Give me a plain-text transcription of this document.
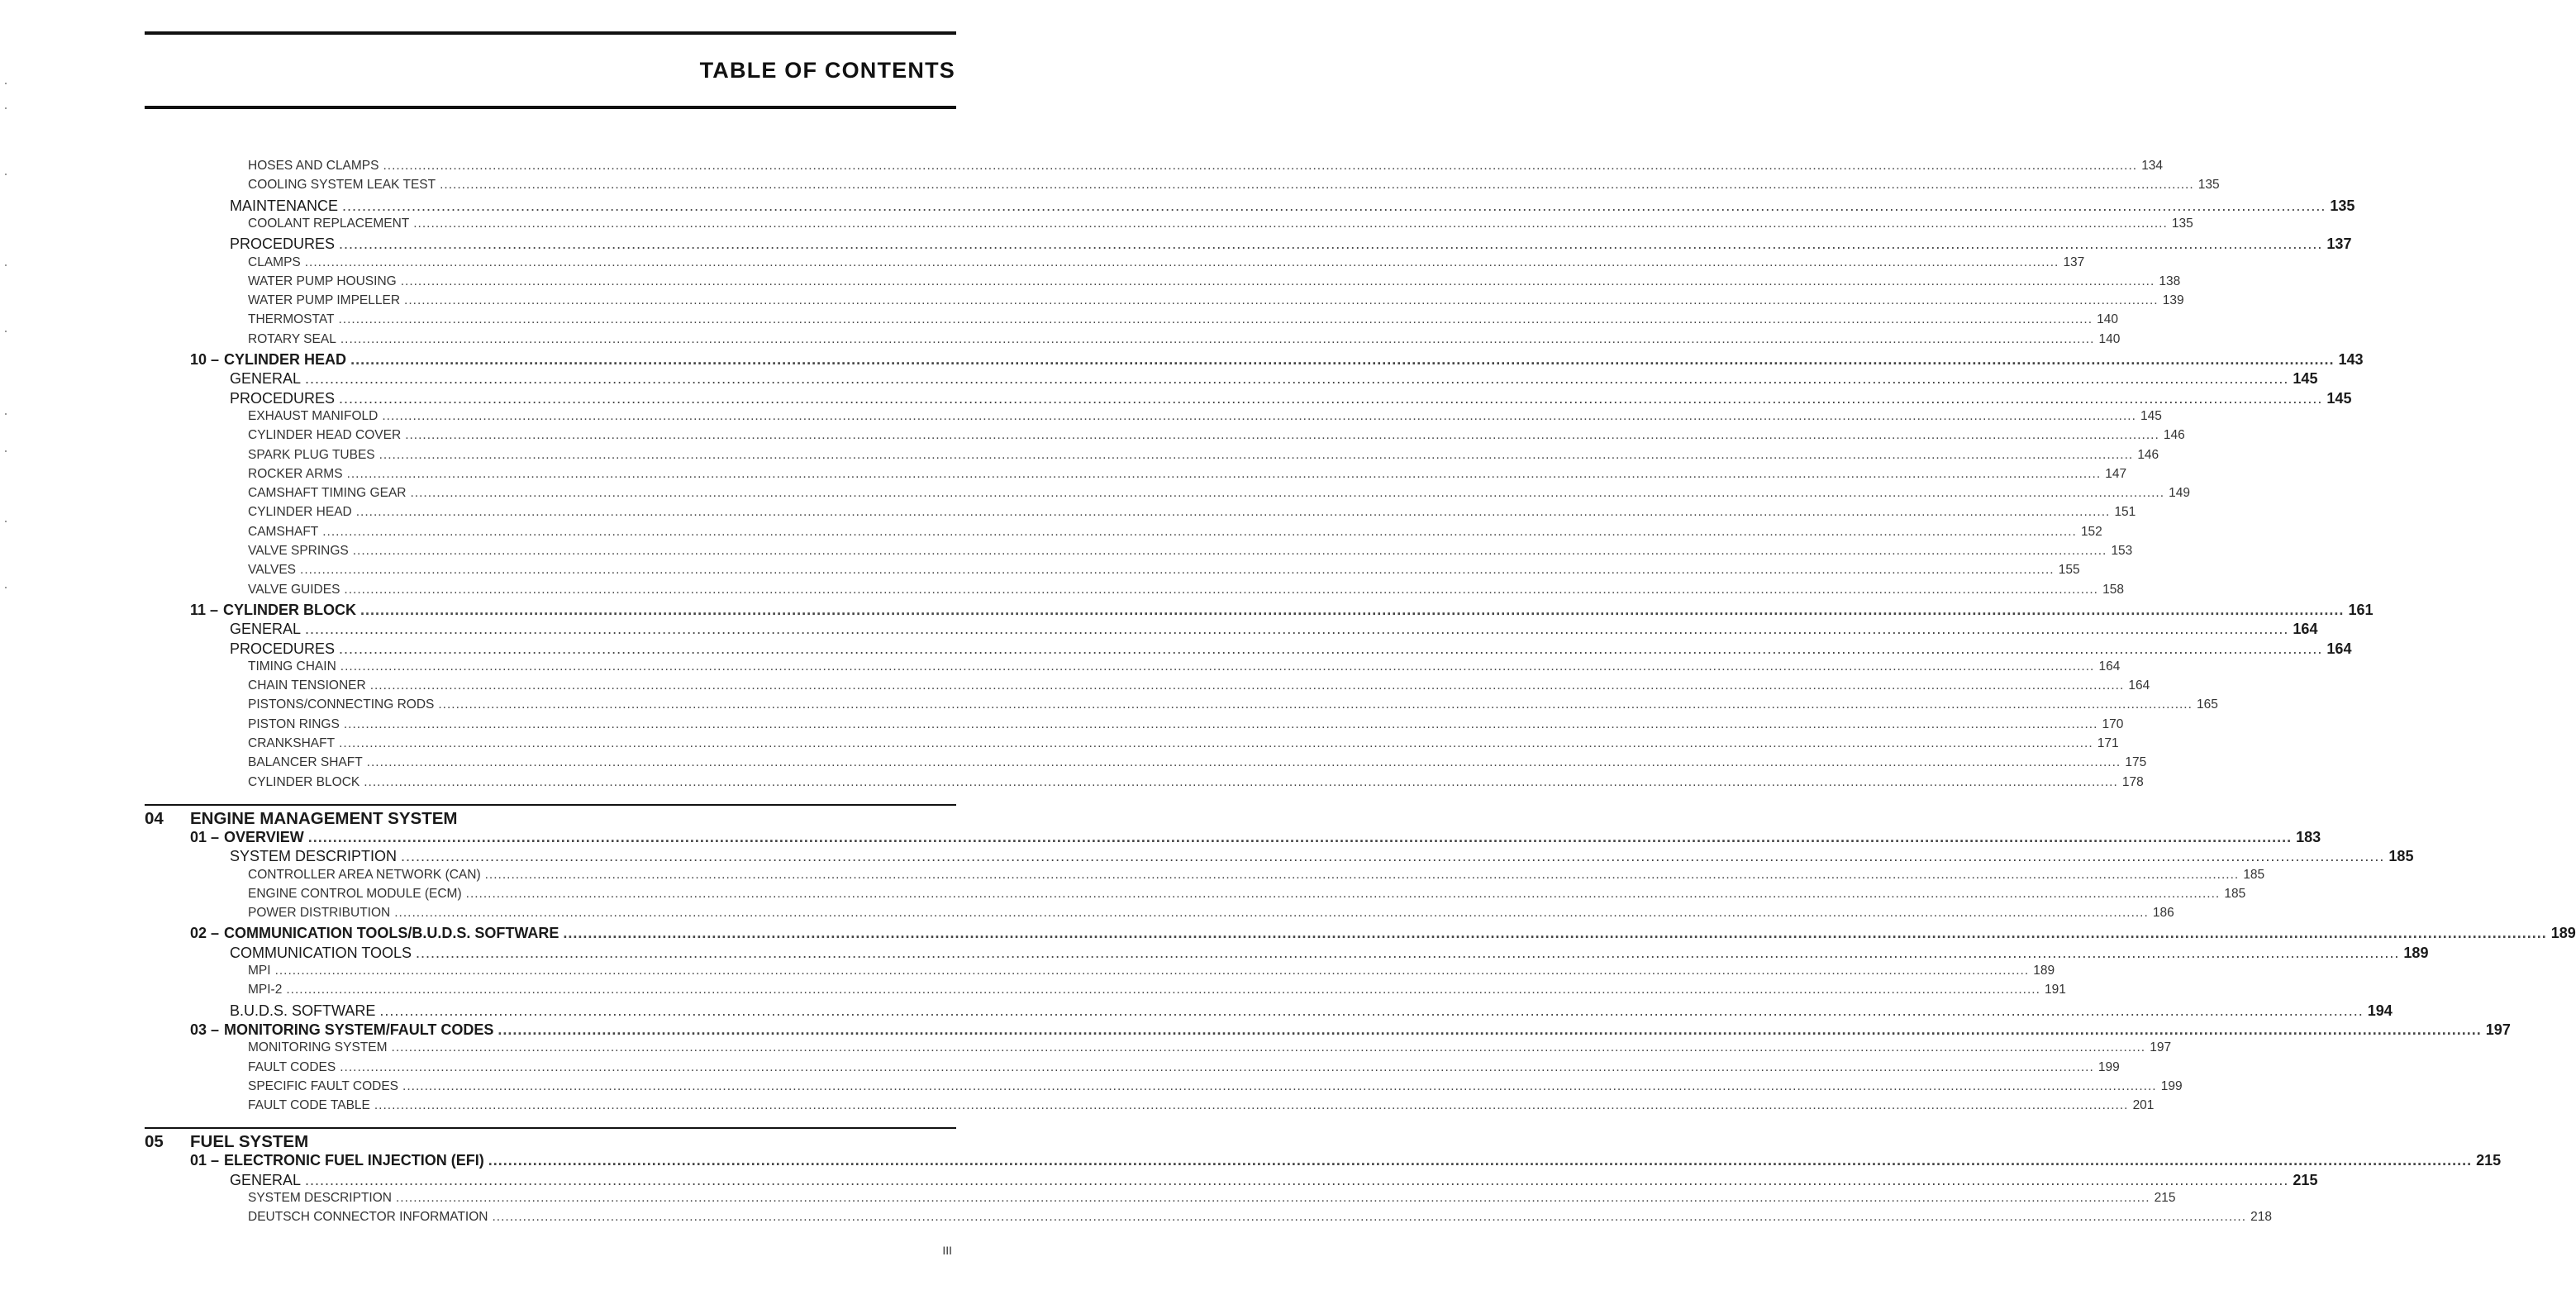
TABLE OF CONTENTS
HOSES AND CLAMPS ................................................................................................................................................................................................................................................................................................................................................................................................................ 134
COOLING SYSTEM LEAK TEST ................................................................................................................................................................................................................................................................................................................................................................................................................ 135
MAINTENANCE ................................................................................................................................................................................................................................................................................................................................................................................................................ 135
COOLANT REPLACEMENT ................................................................................................................................................................................................................................................................................................................................................................................................................ 135
PROCEDURES ................................................................................................................................................................................................................................................................................................................................................................................................................ 137
CLAMPS ................................................................................................................................................................................................................................................................................................................................................................................................................ 137
WATER PUMP HOUSING ................................................................................................................................................................................................................................................................................................................................................................................................................ 138
WATER PUMP IMPELLER ................................................................................................................................................................................................................................................................................................................................................................................................................ 139
THERMOSTAT ................................................................................................................................................................................................................................................................................................................................................................................................................ 140
ROTARY SEAL ................................................................................................................................................................................................................................................................................................................................................................................................................ 140
10 – CYLINDER HEAD ................................................................................................................................................................................................................................................................................................................................................................................................................ 143
GENERAL ................................................................................................................................................................................................................................................................................................................................................................................................................ 145
PROCEDURES ................................................................................................................................................................................................................................................................................................................................................................................................................ 145
EXHAUST MANIFOLD ................................................................................................................................................................................................................................................................................................................................................................................................................ 145
CYLINDER HEAD COVER ................................................................................................................................................................................................................................................................................................................................................................................................................ 146
SPARK PLUG TUBES ................................................................................................................................................................................................................................................................................................................................................................................................................ 146
ROCKER ARMS ................................................................................................................................................................................................................................................................................................................................................................................................................ 147
CAMSHAFT TIMING GEAR ................................................................................................................................................................................................................................................................................................................................................................................................................ 149
CYLINDER HEAD ................................................................................................................................................................................................................................................................................................................................................................................................................ 151
CAMSHAFT ................................................................................................................................................................................................................................................................................................................................................................................................................ 152
VALVE SPRINGS ................................................................................................................................................................................................................................................................................................................................................................................................................ 153
VALVES ................................................................................................................................................................................................................................................................................................................................................................................................................ 155
VALVE GUIDES ................................................................................................................................................................................................................................................................................................................................................................................................................ 158
11 – CYLINDER BLOCK ................................................................................................................................................................................................................................................................................................................................................................................................................ 161
GENERAL ................................................................................................................................................................................................................................................................................................................................................................................................................ 164
PROCEDURES ................................................................................................................................................................................................................................................................................................................................................................................................................ 164
TIMING CHAIN ................................................................................................................................................................................................................................................................................................................................................................................................................ 164
CHAIN TENSIONER ................................................................................................................................................................................................................................................................................................................................................................................................................ 164
PISTONS/CONNECTING RODS ................................................................................................................................................................................................................................................................................................................................................................................................................ 165
PISTON RINGS ................................................................................................................................................................................................................................................................................................................................................................................................................ 170
CRANKSHAFT ................................................................................................................................................................................................................................................................................................................................................................................................................ 171
BALANCER SHAFT ................................................................................................................................................................................................................................................................................................................................................................................................................ 175
CYLINDER BLOCK ................................................................................................................................................................................................................................................................................................................................................................................................................ 178
04 ENGINE MANAGEMENT SYSTEM
01 – OVERVIEW ................................................................................................................................................................................................................................................................................................................................................................................................................ 183
SYSTEM DESCRIPTION ................................................................................................................................................................................................................................................................................................................................................................................................................ 185
CONTROLLER AREA NETWORK (CAN) ................................................................................................................................................................................................................................................................................................................................................................................................................ 185
ENGINE CONTROL MODULE (ECM) ................................................................................................................................................................................................................................................................................................................................................................................................................ 185
POWER DISTRIBUTION ................................................................................................................................................................................................................................................................................................................................................................................................................ 186
02 – COMMUNICATION TOOLS/B.U.D.S. SOFTWARE ................................................................................................................................................................................................................................................................................................................................................................................................................ 189
COMMUNICATION TOOLS ................................................................................................................................................................................................................................................................................................................................................................................................................ 189
MPI ................................................................................................................................................................................................................................................................................................................................................................................................................ 189
MPI-2 ................................................................................................................................................................................................................................................................................................................................................................................................................ 191
B.U.D.S. SOFTWARE ................................................................................................................................................................................................................................................................................................................................................................................................................ 194
03 – MONITORING SYSTEM/FAULT CODES ................................................................................................................................................................................................................................................................................................................................................................................................................ 197
MONITORING SYSTEM ................................................................................................................................................................................................................................................................................................................................................................................................................ 197
FAULT CODES ................................................................................................................................................................................................................................................................................................................................................................................................................ 199
SPECIFIC FAULT CODES ................................................................................................................................................................................................................................................................................................................................................................................................................ 199
FAULT CODE TABLE ................................................................................................................................................................................................................................................................................................................................................................................................................ 201
05 FUEL SYSTEM
01 – ELECTRONIC FUEL INJECTION (EFI) ................................................................................................................................................................................................................................................................................................................................................................................................................ 215
GENERAL ................................................................................................................................................................................................................................................................................................................................................................................................................ 215
SYSTEM DESCRIPTION ................................................................................................................................................................................................................................................................................................................................................................................................................ 215
DEUTSCH CONNECTOR INFORMATION ................................................................................................................................................................................................................................................................................................................................................................................................................ 218
III
